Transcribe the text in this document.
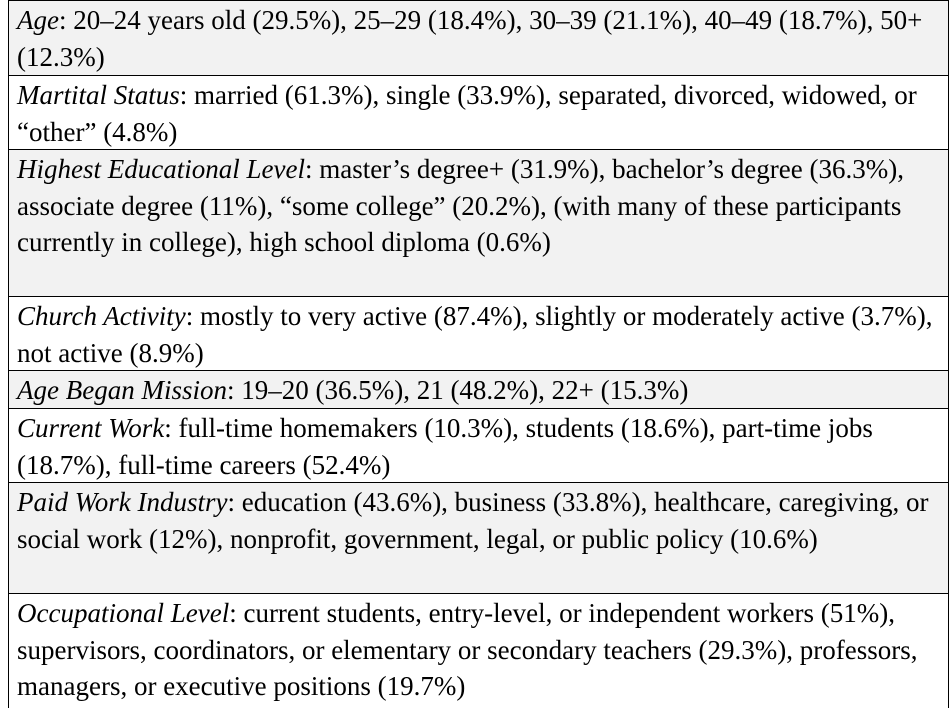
Age: 20–24 years old (29.5%), 25–29 (18.4%), 30–39 (21.1%), 40–49 (18.7%), 50+ (12.3%)
Martital Status: married (61.3%), single (33.9%), separated, divorced, widowed, or “other” (4.8%)
Highest Educational Level: master’s degree+ (31.9%), bachelor’s degree (36.3%), associate degree (11%), “some college” (20.2%), (with many of these participants currently in college), high school diploma (0.6%)
Church Activity: mostly to very active (87.4%), slightly or moderately active (3.7%), not active (8.9%)
Age Began Mission: 19–20 (36.5%), 21 (48.2%), 22+ (15.3%)
Current Work: full-time homemakers (10.3%), students (18.6%), part-time jobs (18.7%), full-time careers (52.4%)
Paid Work Industry: education (43.6%), business (33.8%), healthcare, caregiving, or social work (12%), nonprofit, government, legal, or public policy (10.6%)
Occupational Level: current students, entry-level, or independent workers (51%), supervisors, coordinators, or elementary or secondary teachers (29.3%), professors, managers, or executive positions (19.7%)
